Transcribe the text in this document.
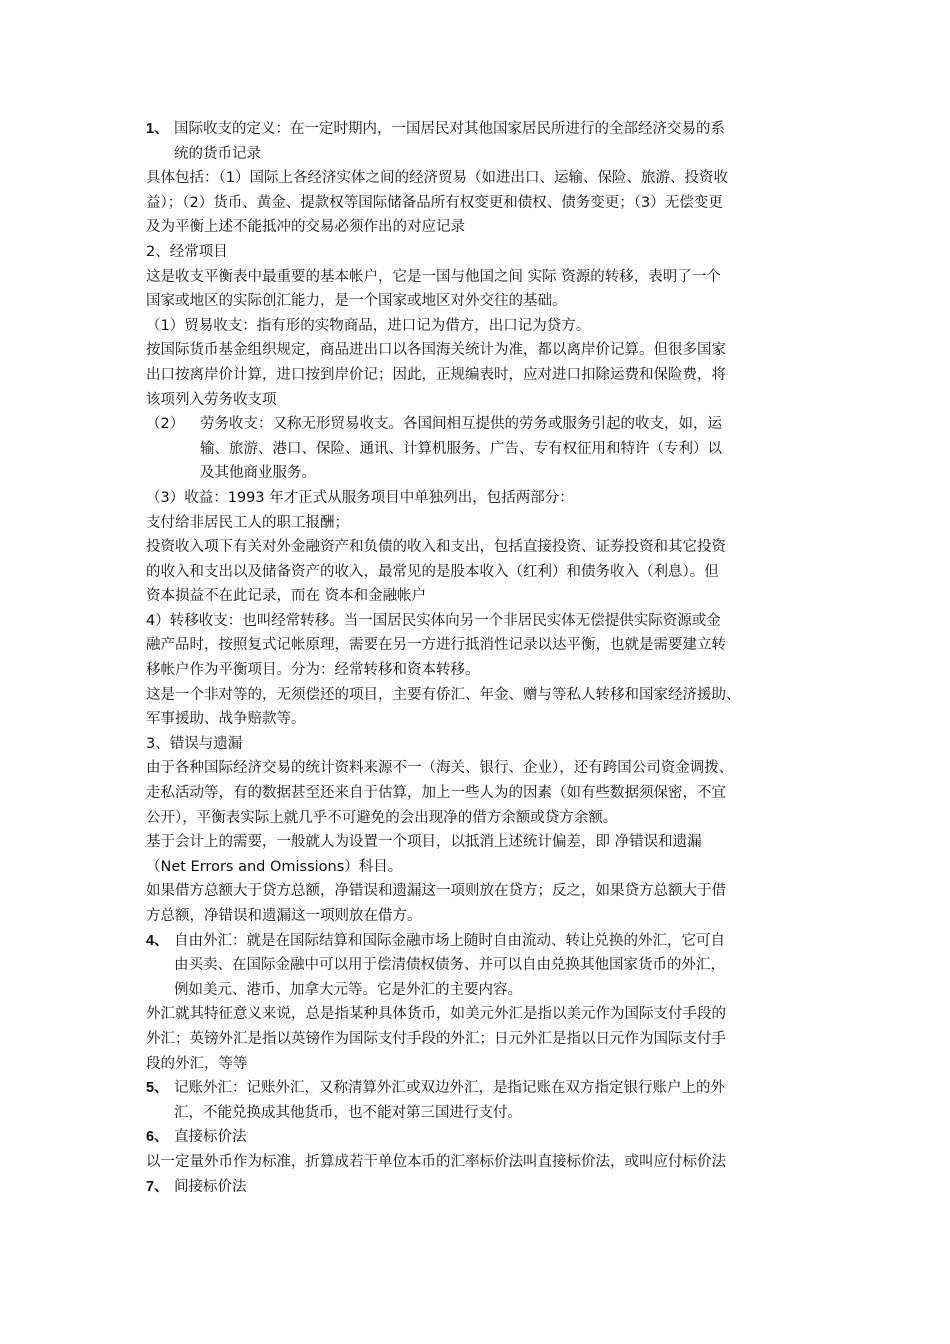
1、 国际收支的定义：在一定时期内，一国居民对其他国家居民所进行的全部经济交易的系
统的货币记录
具体包括：（1）国际上各经济实体之间的经济贸易（如进出口、运输、保险、旅游、投资收
益）；（2）货币、黄金、提款权等国际储备品所有权变更和债权、债务变更；（3）无偿变更
及为平衡上述不能抵冲的交易必须作出的对应记录
2、经常项目
这是收支平衡表中最重要的基本帐户，它是一国与他国之间 实际 资源的转移，表明了一个
国家或地区的实际创汇能力，是一个国家或地区对外交往的基础。
（1）贸易收支：指有形的实物商品，进口记为借方，出口记为贷方。
按国际货币基金组织规定，商品进出口以各国海关统计为准，都以离岸价记算。但很多国家
出口按离岸价计算，进口按到岸价记；因此，正规编表时，应对进口扣除运费和保险费，将
该项列入劳务收支项
（2） 劳务收支：又称无形贸易收支。各国间相互提供的劳务或服务引起的收支，如，运
输、旅游、港口、保险、通讯、计算机服务、广告、专有权征用和特许（专利）以
及其他商业服务。
（3）收益：1993 年才正式从服务项目中单独列出，包括两部分：
支付给非居民工人的职工报酬；
投资收入项下有关对外金融资产和负债的收入和支出，包括直接投资、证券投资和其它投资
的收入和支出以及储备资产的收入，最常见的是股本收入（红利）和债务收入（利息）。但
资本损益不在此记录，而在 资本和金融帐户
4）转移收支：也叫经常转移。当一国居民实体向另一个非居民实体无偿提供实际资源或金
融产品时，按照复式记帐原理，需要在另一方进行抵消性记录以达平衡，也就是需要建立转
移帐户作为平衡项目。分为：经常转移和资本转移。
这是一个非对等的，无须偿还的项目，主要有侨汇、年金、赠与等私人转移和国家经济援助、
军事援助、战争赔款等。
3、错误与遗漏
由于各种国际经济交易的统计资料来源不一（海关、银行、企业），还有跨国公司资金调拨、
走私活动等，有的数据甚至还来自于估算，加上一些人为的因素（如有些数据须保密，不宜
公开），平衡表实际上就几乎不可避免的会出现净的借方余额或贷方余额。
基于会计上的需要，一般就人为设置一个项目，以抵消上述统计偏差，即 净错误和遗漏
（Net Errors and Omissions）科目。
如果借方总额大于贷方总额，净错误和遗漏这一项则放在贷方；反之，如果贷方总额大于借
方总额，净错误和遗漏这一项则放在借方。
4、 自由外汇：就是在国际结算和国际金融市场上随时自由流动、转让兑换的外汇，它可自
由买卖、在国际金融中可以用于偿清债权债务、并可以自由兑换其他国家货币的外汇，
例如美元、港币、加拿大元等。它是外汇的主要内容。
外汇就其特征意义来说，总是指某种具体货币，如美元外汇是指以美元作为国际支付手段的
外汇；英镑外汇是指以英镑作为国际支付手段的外汇；日元外汇是指以日元作为国际支付手
段的外汇，等等
5、 记账外汇：记账外汇，又称清算外汇或双边外汇，是指记账在双方指定银行账户上的外
汇，不能兑换成其他货币，也不能对第三国进行支付。
6、 直接标价法
以一定量外币作为标准，折算成若干单位本币的汇率标价法叫直接标价法，或叫应付标价法
7、 间接标价法
